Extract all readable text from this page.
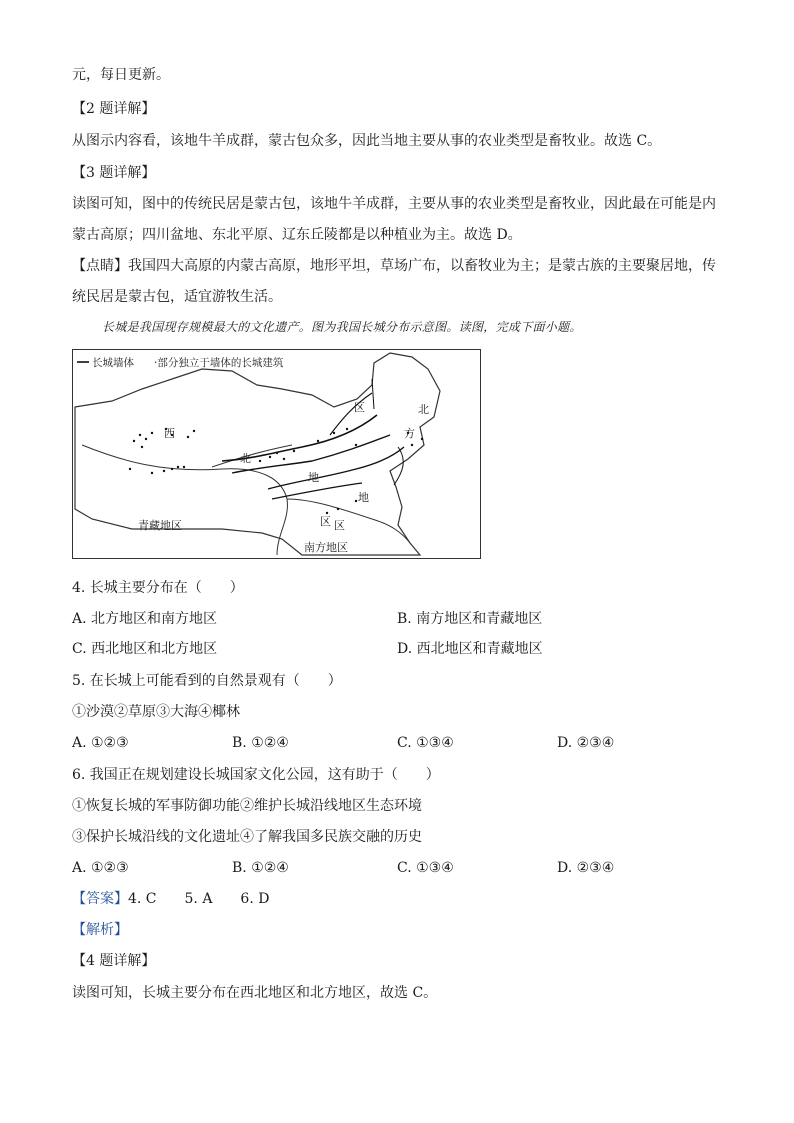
元，每日更新。
【2 题详解】
从图示内容看，该地牛羊成群，蒙古包众多，因此当地主要从事的农业类型是畜牧业。故选 C。
【3 题详解】
读图可知，图中的传统民居是蒙古包，该地牛羊成群，主要从事的农业类型是畜牧业，因此最在可能是内
蒙古高原；四川盆地、东北平原、辽东丘陵都是以种植业为主。故选 D。
【点睛】我国四大高原的内蒙古高原，地形平坦，草场广布，以畜牧业为主；是蒙古族的主要聚居地，传
统民居是蒙古包，适宜游牧生活。
长城是我国现存规模最大的文化遗产。图为我国长城分布示意图。读图，完成下面小题。
长城墙体 ·部分独立于墙体的长城建筑
西
北
地
区	北
方
区
地
区
青藏地区
南方地区
4. 长城主要分布在（　　）
A. 北方地区和南方地区	B. 南方地区和青藏地区
C. 西北地区和北方地区	D. 西北地区和青藏地区
5. 在长城上可能看到的自然景观有（　　）
①沙漠②草原③大海④椰林
A. ①②③	B. ①②④	C. ①③④	D. ②③④
6. 我国正在规划建设长城国家文化公园，这有助于（　　）
①恢复长城的军事防御功能②维护长城沿线地区生态环境
③保护长城沿线的文化遗址④了解我国多民族交融的历史
A. ①②③	B. ①②④	C. ①③④	D. ②③④
【答案】4. C　　5. A　　6. D
【解析】
【4 题详解】
读图可知，长城主要分布在西北地区和北方地区，故选 C。
